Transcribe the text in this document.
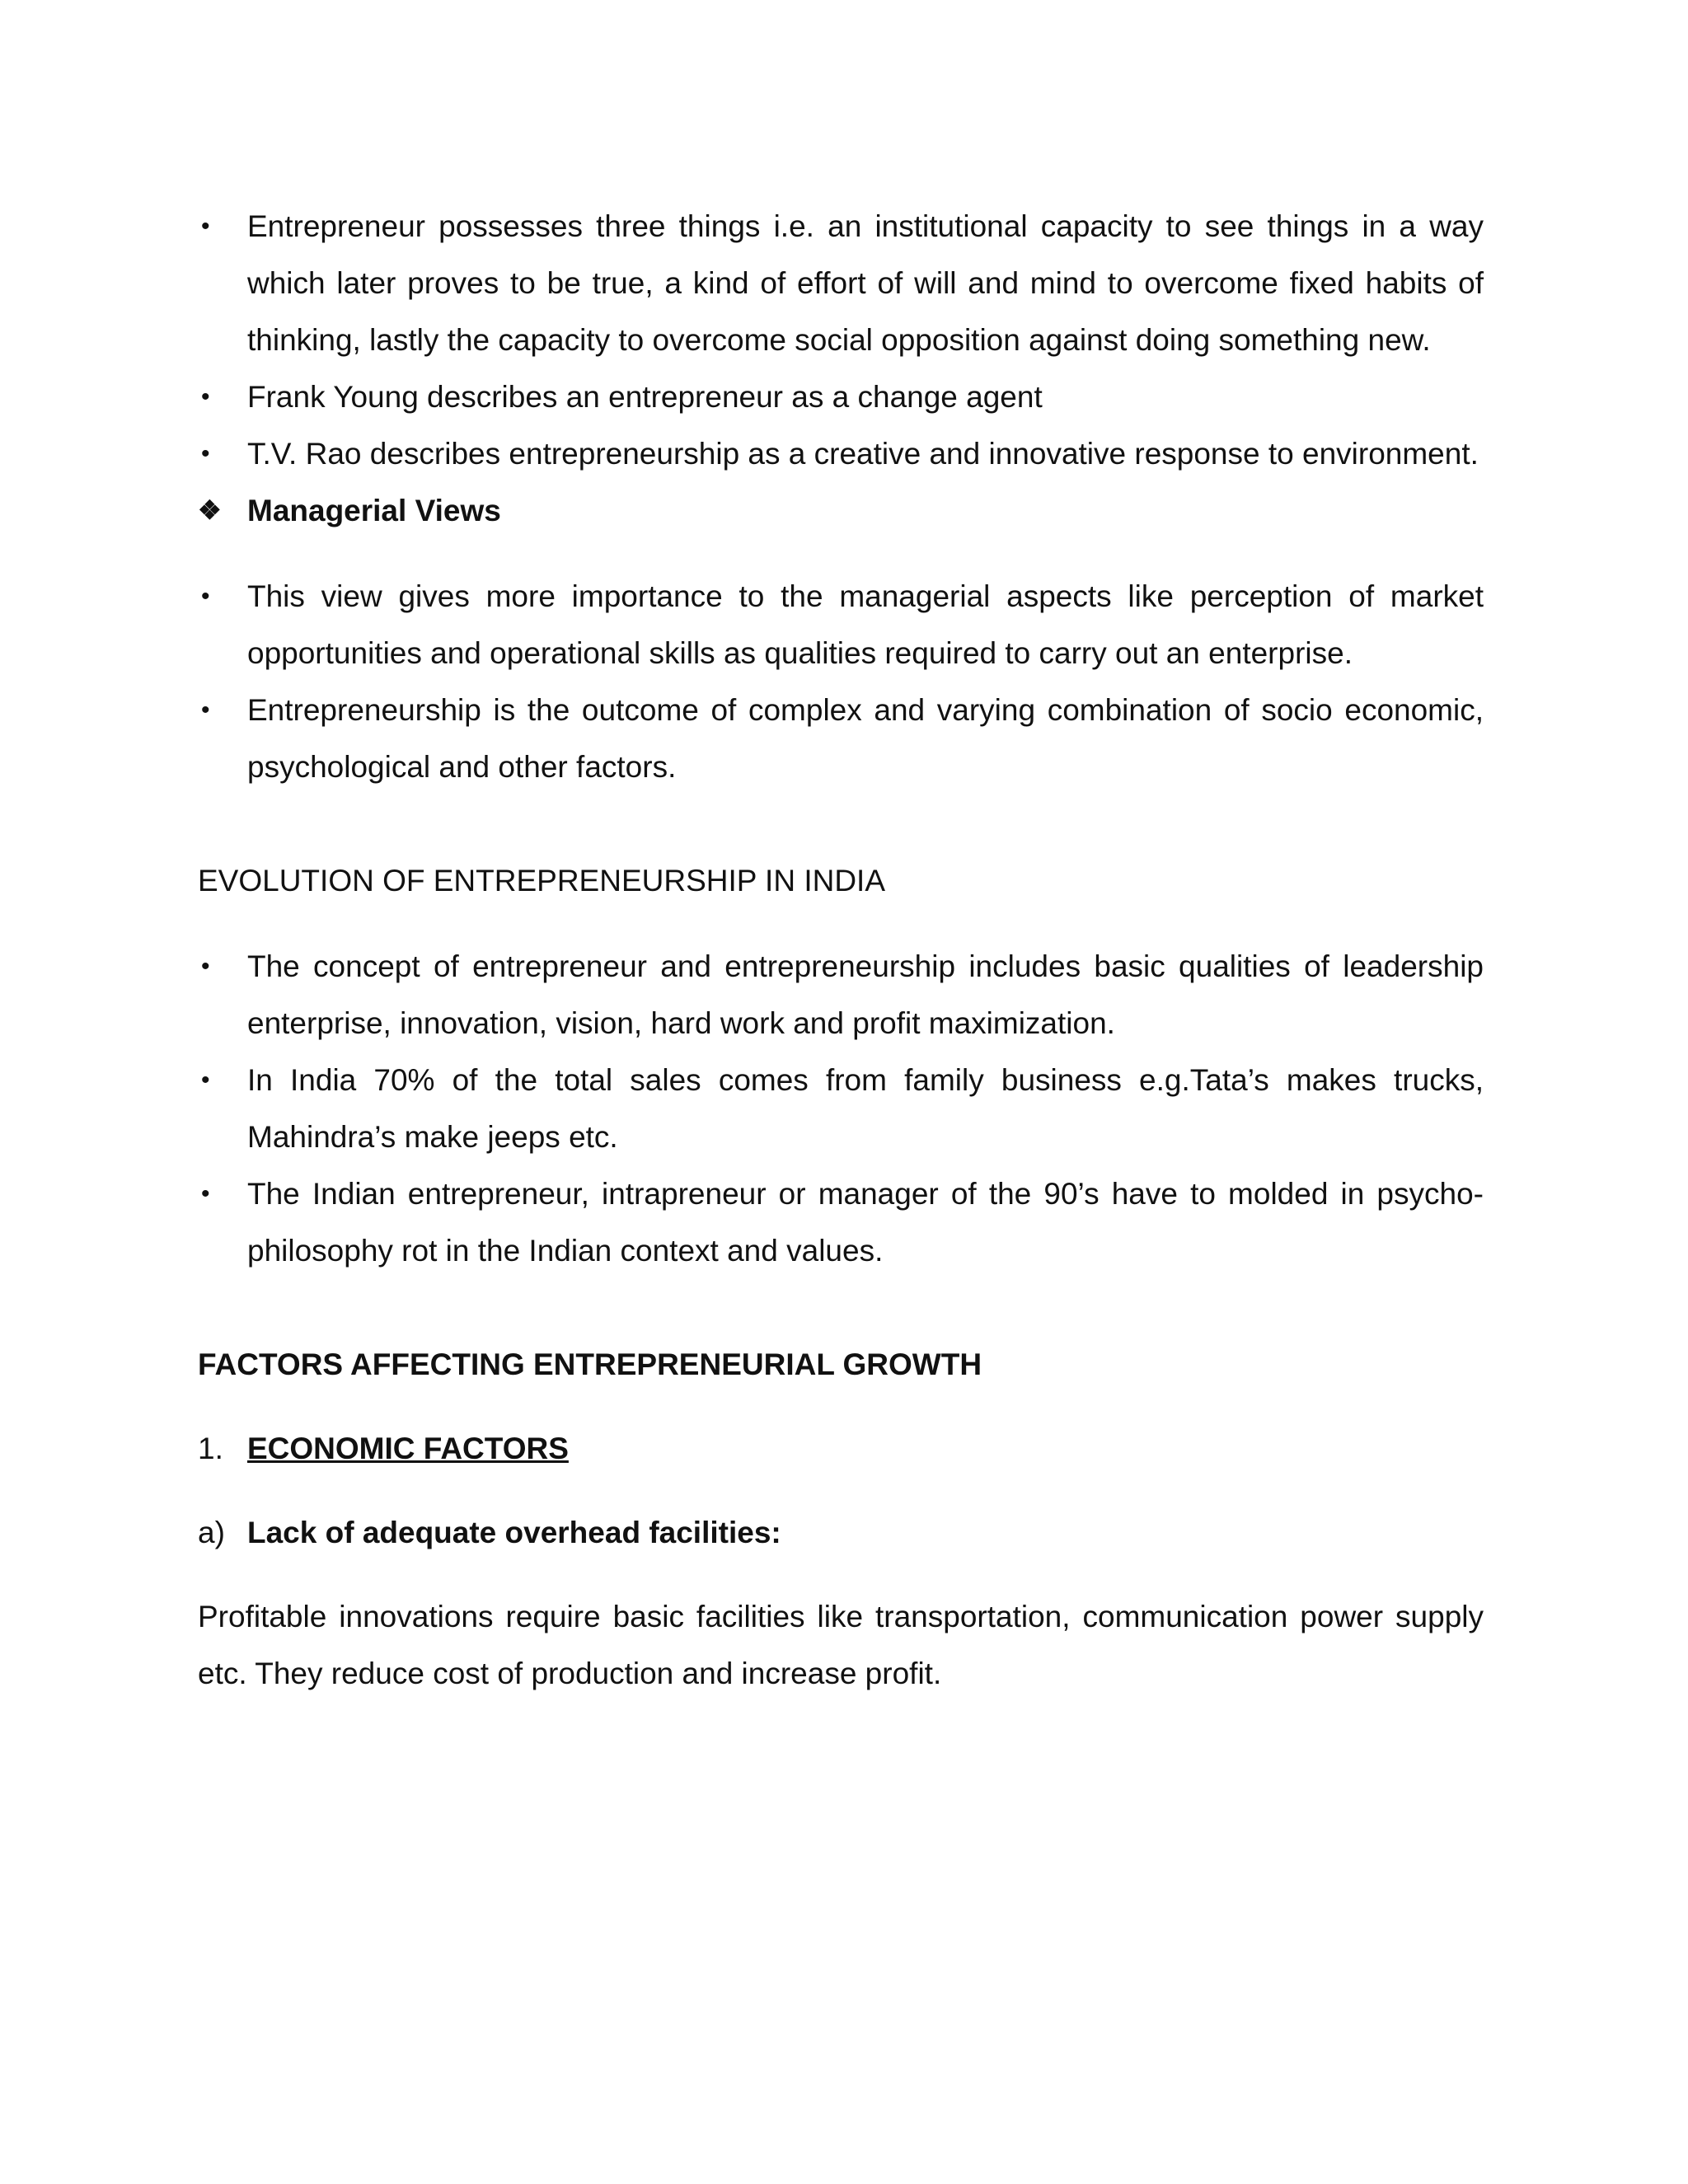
• Entrepreneur possesses three things i.e. an institutional capacity to see things in a way which later proves to be true, a kind of effort of will and mind to overcome fixed habits of thinking, lastly the capacity to overcome social opposition against doing something new.
• Frank Young describes an entrepreneur as a change agent
• T.V. Rao describes entrepreneurship as a creative and innovative response to environment.
❖ Managerial Views
• This view gives more importance to the managerial aspects like perception of market opportunities and operational skills as qualities required to carry out an enterprise.
• Entrepreneurship is the outcome of complex and varying combination of socio economic, psychological and other factors.
EVOLUTION OF ENTREPRENEURSHIP IN INDIA
• The concept of entrepreneur and entrepreneurship includes basic qualities of leadership enterprise, innovation, vision, hard work and profit maximization.
• In India 70% of the total sales comes from family business e.g.Tata’s makes trucks, Mahindra’s make jeeps etc.
• The Indian entrepreneur, intrapreneur or manager of the 90’s have to molded in psycho-philosophy rot in the Indian context and values.
FACTORS AFFECTING ENTREPRENEURIAL GROWTH
1. ECONOMIC FACTORS
a) Lack of adequate overhead facilities:

Profitable innovations require basic facilities like transportation, communication power supply etc. They reduce cost of production and increase profit.
